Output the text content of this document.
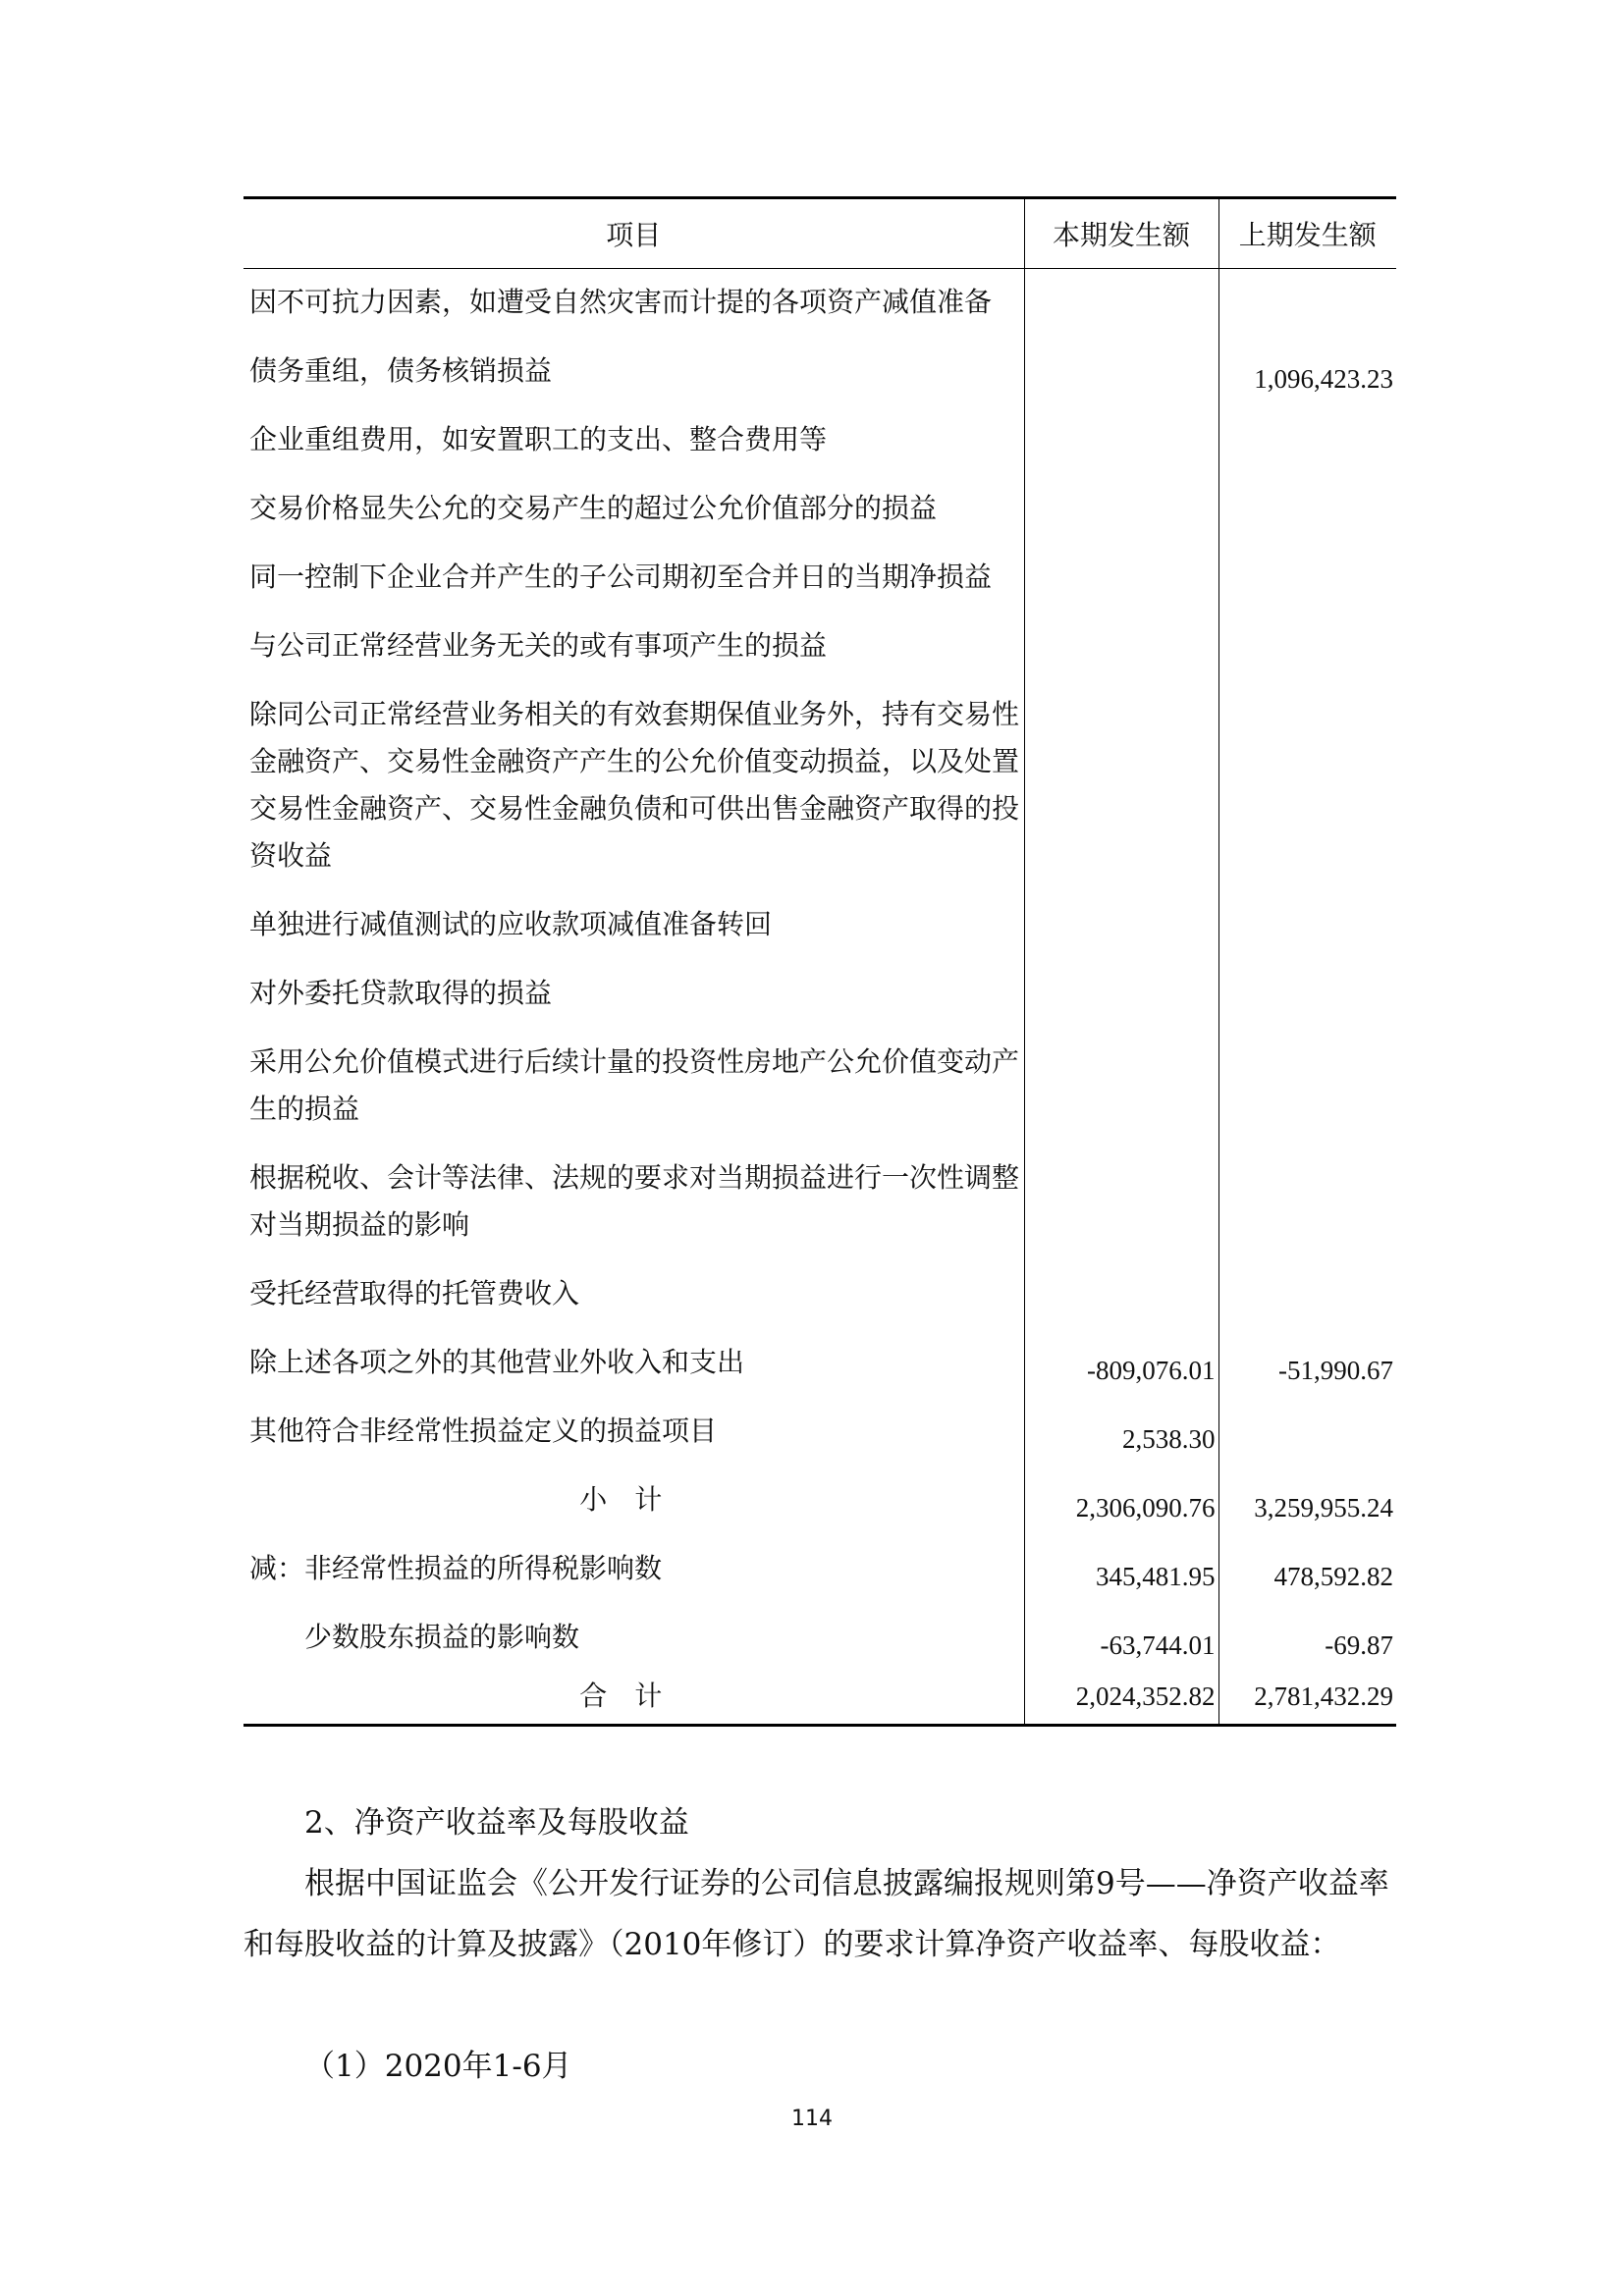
项目	本期发生额	上期发生额
因不可抗力因素，如遭受自然灾害而计提的各项资产减值准备		
债务重组，债务核销损益		1,096,423.23
企业重组费用，如安置职工的支出、整合费用等		
交易价格显失公允的交易产生的超过公允价值部分的损益		
同一控制下企业合并产生的子公司期初至合并日的当期净损益		
与公司正常经营业务无关的或有事项产生的损益		
除同公司正常经营业务相关的有效套期保值业务外，持有交易性金融资产、交易性金融资产产生的公允价值变动损益，以及处置交易性金融资产、交易性金融负债和可供出售金融资产取得的投资收益		
单独进行减值测试的应收款项减值准备转回		
对外委托贷款取得的损益		
采用公允价值模式进行后续计量的投资性房地产公允价值变动产生的损益		
根据税收、会计等法律、法规的要求对当期损益进行一次性调整对当期损益的影响		
受托经营取得的托管费收入		
除上述各项之外的其他营业外收入和支出	-809,076.01	-51,990.67
其他符合非经常性损益定义的损益项目	2,538.30	
小计	2,306,090.76	3,259,955.24
减：非经常性损益的所得税影响数	345,481.95	478,592.82
少数股东损益的影响数	-63,744.01	-69.87
合计	2,024,352.82	2,781,432.29
2、净资产收益率及每股收益
根据中国证监会《公开发行证券的公司信息披露编报规则第9号——净资产收益率和每股收益的计算及披露》（2010年修订）的要求计算净资产收益率、每股收益：
（1）2020年1-6月
114
